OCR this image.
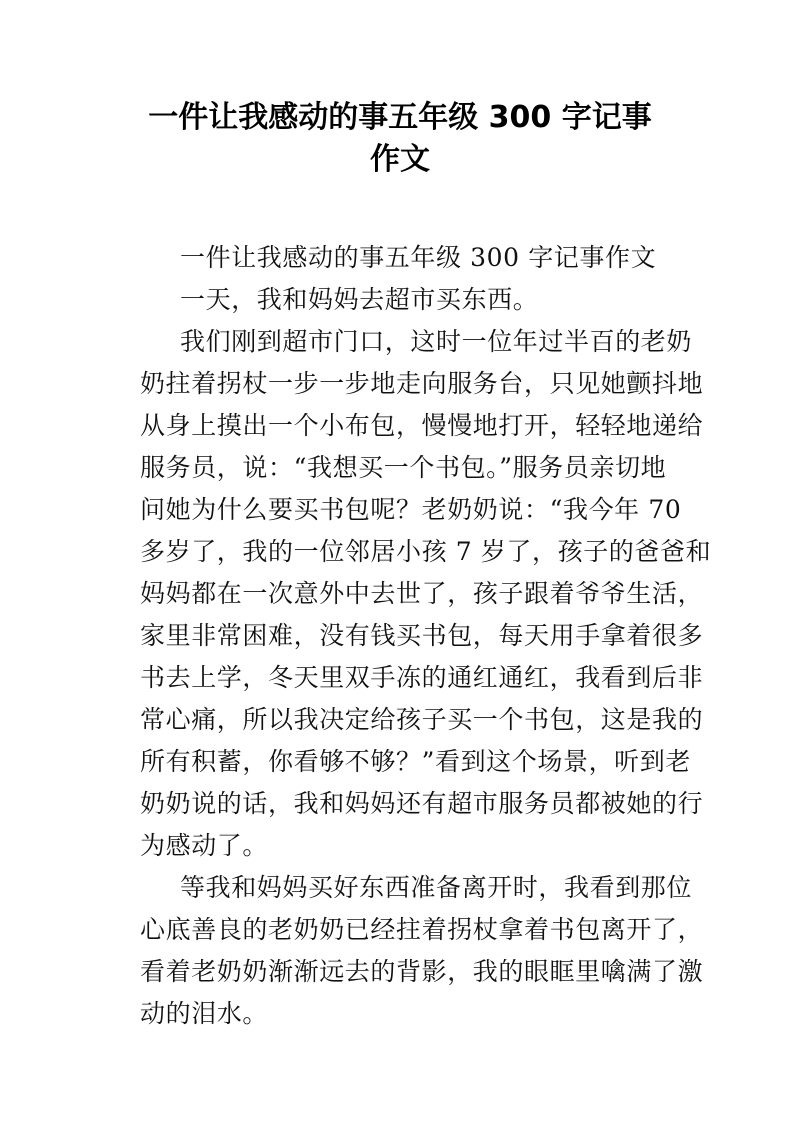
一件让我感动的事五年级 300 字记事
作文
一件让我感动的事五年级 300 字记事作文
一天，我和妈妈去超市买东西。
我们刚到超市门口，这时一位年过半百的老奶
奶拄着拐杖一步一步地走向服务台，只见她颤抖地
从身上摸出一个小布包，慢慢地打开，轻轻地递给
服务员，说：“我想买一个书包。”服务员亲切地
问她为什么要买书包呢？老奶奶说：“我今年 70
多岁了，我的一位邻居小孩 7 岁了，孩子的爸爸和
妈妈都在一次意外中去世了，孩子跟着爷爷生活，
家里非常困难，没有钱买书包，每天用手拿着很多
书去上学，冬天里双手冻的通红通红，我看到后非
常心痛，所以我决定给孩子买一个书包，这是我的
所有积蓄，你看够不够？”看到这个场景，听到老
奶奶说的话，我和妈妈还有超市服务员都被她的行
为感动了。
等我和妈妈买好东西准备离开时，我看到那位
心底善良的老奶奶已经拄着拐杖拿着书包离开了，
看着老奶奶渐渐远去的背影，我的眼眶里噙满了激
动的泪水。
